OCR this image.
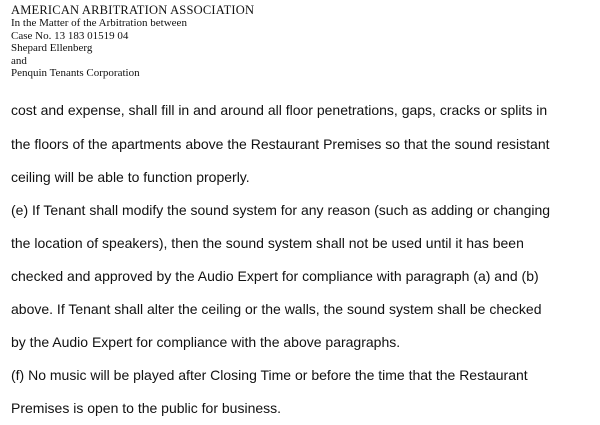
AMERICAN ARBITRATION ASSOCIATION
In the Matter of the Arbitration between
Case No. 13 183 01519 04
Shepard Ellenberg
and
Penquin Tenants Corporation
cost and expense, shall fill in and around all floor penetrations, gaps, cracks or splits in
the floors of the apartments above the Restaurant Premises so that the sound resistant
ceiling will be able to function properly.
(e) If Tenant shall modify the sound system for any reason (such as adding or changing
the location of speakers), then the sound system shall not be used until it has been
checked and approved by the Audio Expert for compliance with paragraph (a) and (b)
above. If Tenant shall alter the ceiling or the walls, the sound system shall be checked
by the Audio Expert for compliance with the above paragraphs.
(f) No music will be played after Closing Time or before the time that the Restaurant
Premises is open to the public for business.
